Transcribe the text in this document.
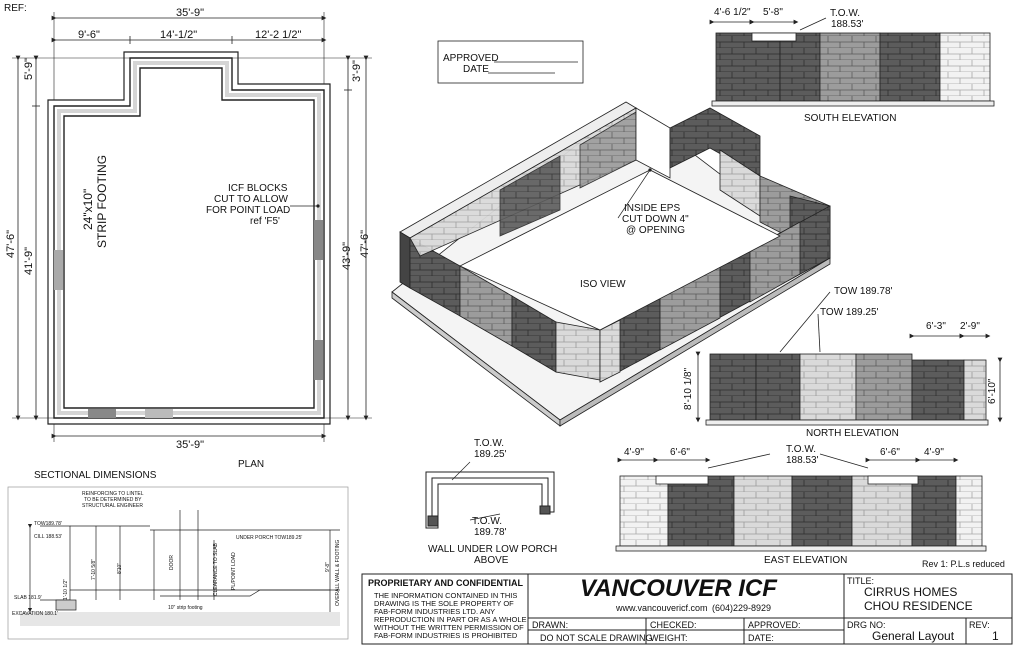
REF:	35'-9"
9'-6"	14'-1/2"	12'-2 1/2"
35'-9"
5'-9"
41'-9"
47'-6"
3'-9"
43'-9" 47'-6"
24"x10" STRIP FOOTING	ICF BLOCKS
CUT TO ALLOW
FOR POINT LOAD
ref 'F5'
PLAN
APPROVED
DATE
ISO VIEW
INSIDE EPS
CUT DOWN 4"
@ OPENING
4'-6 1/2" 5'-8"	T.O.W.
188.53'
SOUTH ELEVATION
TOW 189.78'
TOW 189.25'
6'-3" 2'-9"
8'-10 1/8"	6'-10"
NORTH ELEVATION
4'-9"	6'-6"	6'-6" 4'-9"
T.O.W.
188.53'
EAST ELEVATION
T.O.W.
189.25'
T.O.W.
189.78'
WALL UNDER LOW PORCH
ABOVE
SECTIONAL DIMENSIONS
REINFORCING TO LINTEL
TO BE DETERMINED BY
STRUCTURAL ENGINEER
TOW189.78'
CILL 188.53'
SLAB 181.9'
EXCAVATION 180.1'
UNDER PORCH TOW189.25'
DOOR	PL/POINT LOAD
10" strip footing
OVERALL WALL & FOOTING
CLEARANCE TO SLAB
7'-10 5/8"	8'10"	9'-8"
1'-10 1/2"	PROPRIETARY AND CONFIDENTIAL
THE INFORMATION CONTAINED IN THIS
DRAWING IS THE SOLE PROPERTY OF
FAB-FORM INDUSTRIES LTD. ANY
REPRODUCTION IN PART OR AS A WHOLE
WITHOUT THE WRITTEN PERMISSION OF
FAB-FORM INDUSTRIES IS PROHIBITED
VANCOUVER ICF
www.vancouvericf.com (604)229-8929
DRAWN:	CHECKED:	APPROVED:
DO NOT SCALE DRAWING
WEIGHT:	DATE:
TITLE:
CIRRUS HOMES
CHOU RESIDENCE
DRG NO:
General Layout
REV:
1
Rev 1: P.L.s reduced
